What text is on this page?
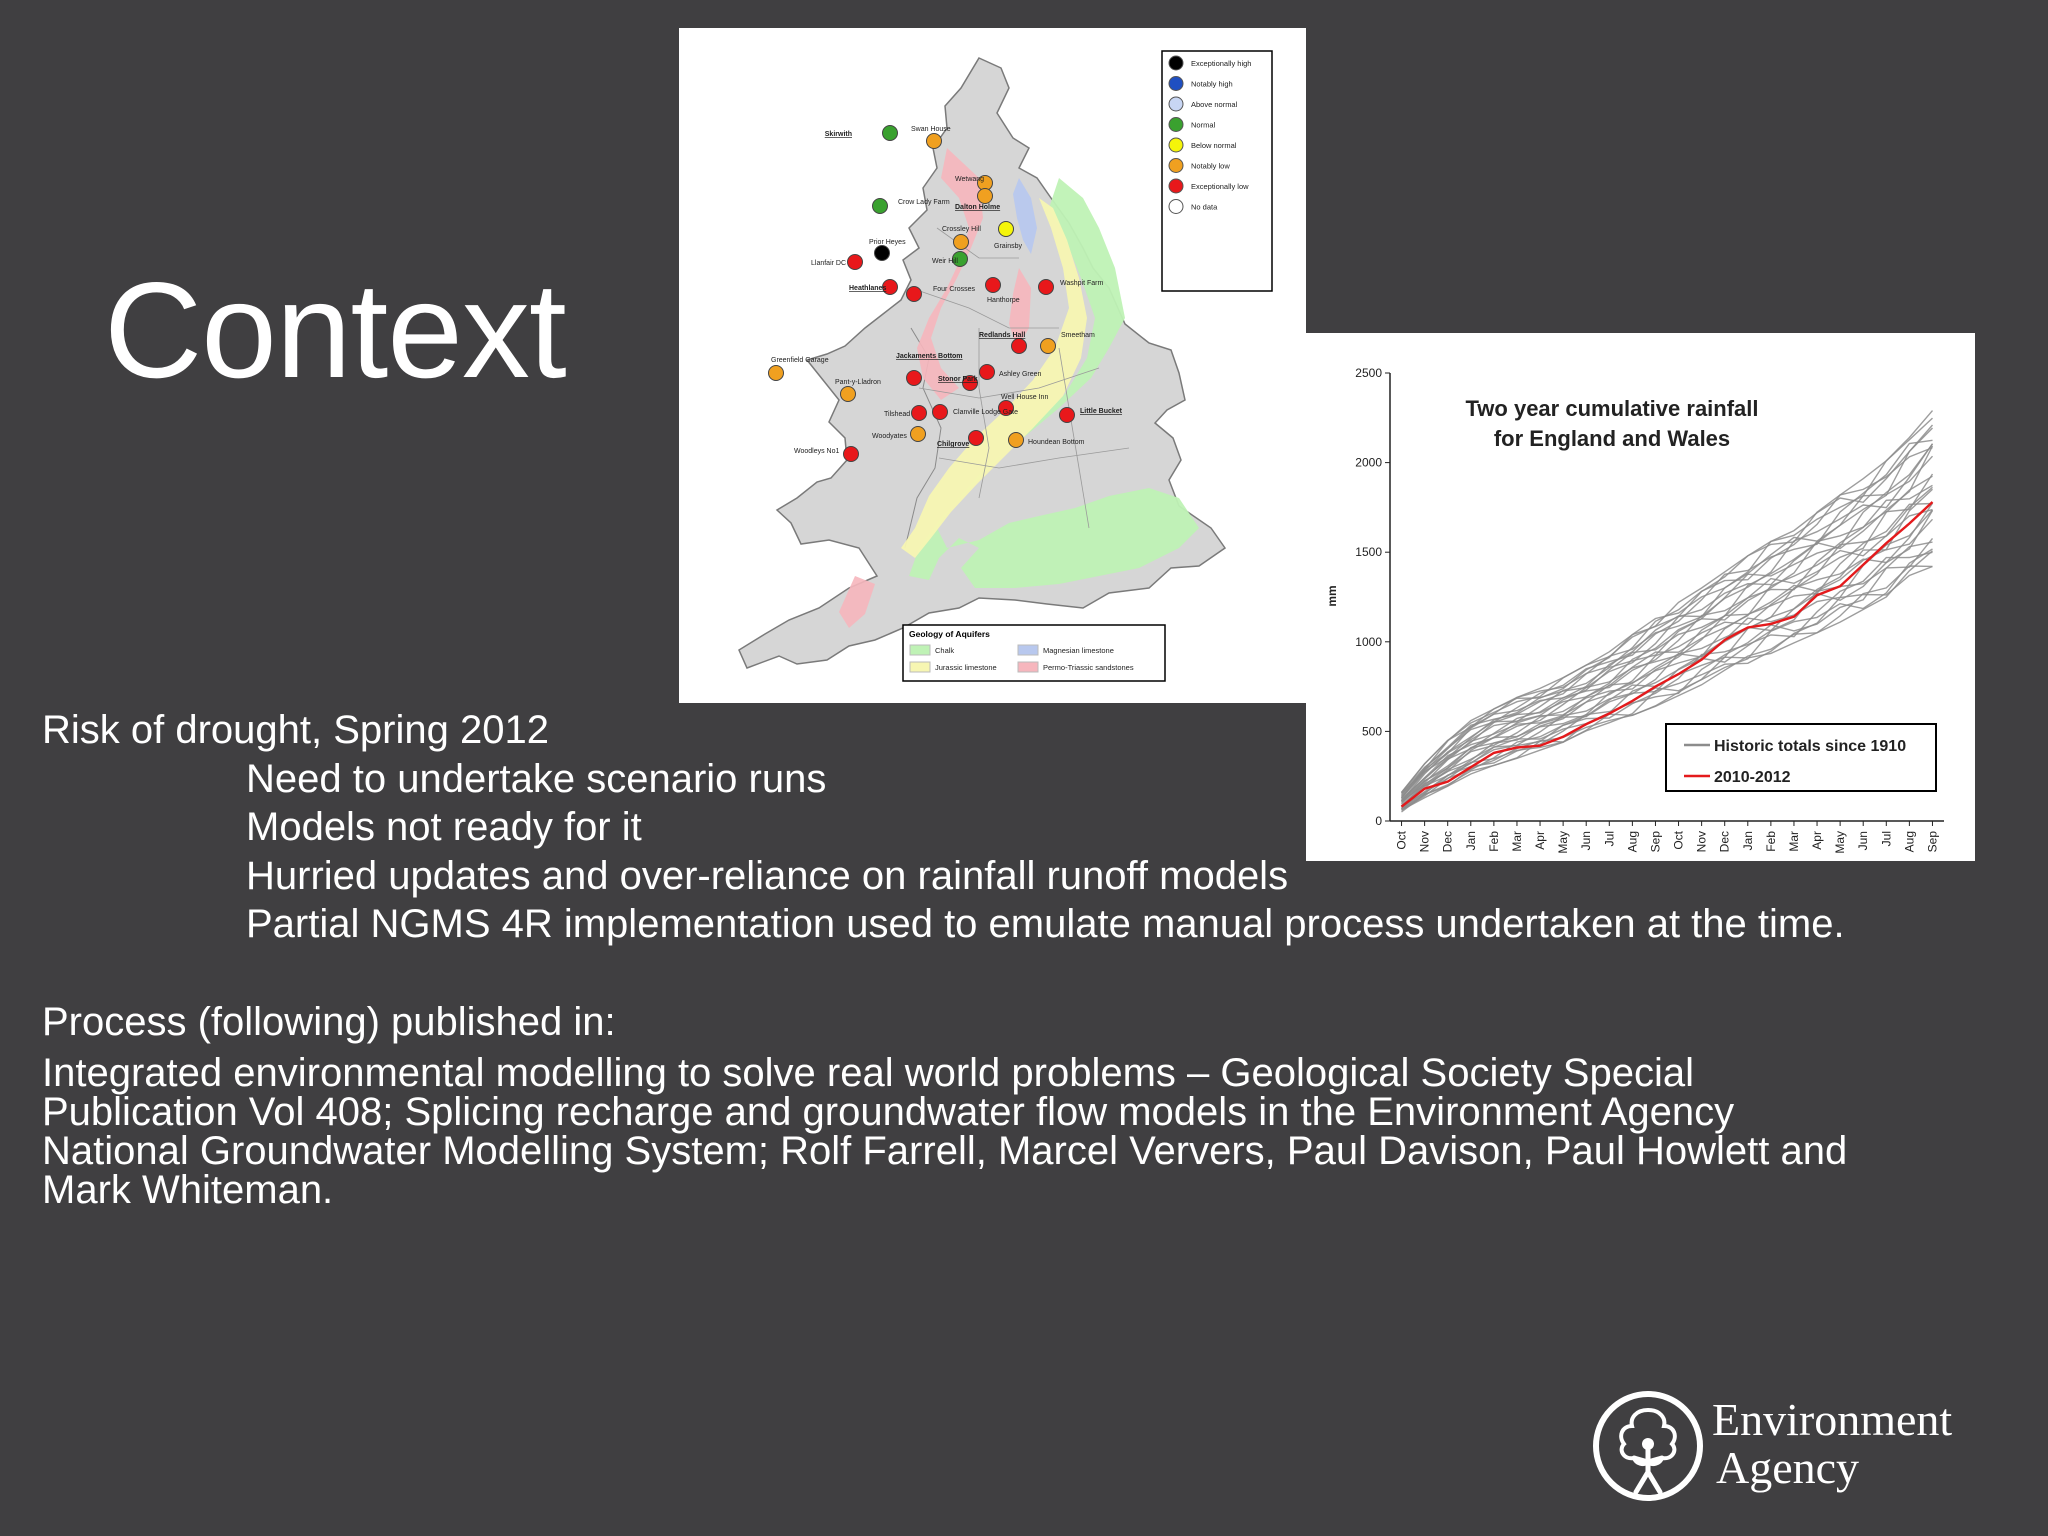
Context
Exceptionally high
Notably high
Above normal
Normal
Below normal
Notably low
Exceptionally low
No data
Geology of Aquifers
Chalk	Magnesian limestone
Jurassic limestone	Permo-Triassic sandstones
Skirwith
Swan House
Wetwang
Crow Lady Farm
Dalton Holme
Prior Heyes
Crossley Hill
Grainsby
Llanfair DC	Weir Hill
Heathlanes	Four Crosses
Hanthorpe
Washpit Farm
Redlands Hall	Smeetham
Greenfield Garage
Jackaments Bottom
Ashley Green
Stonor Park
Pant-y-Lladron
Well House Inn
Tilshead	Clanville Lodge Gate	Little Bucket
Woodyates
Chilgrove	Houndean Bottom
Woodleys No1
Two year cumulative rainfall
for England and Wales
mm
0
500
1000
1500
2000
2500
Oct Nov Dec Jan Feb Mar Apr May Jun Jul Aug Sep Oct Nov Dec Jan Feb Mar Apr May Jun Jul Aug Sep
Historic totals since 1910
2010-2012
Risk of drought, Spring 2012
Need to undertake scenario runs
Models not ready for it
Hurried updates and over-reliance on rainfall runoff models
Partial NGMS 4R implementation used to emulate manual process undertaken at the time.
Process (following) published in:
Integrated environmental modelling to solve real world problems – Geological Society Special
Publication Vol 408; Splicing recharge and groundwater flow models in the Environment Agency
National Groundwater Modelling System; Rolf Farrell, Marcel Ververs, Paul Davison, Paul Howlett and
Mark Whiteman.
Environment
Agency
